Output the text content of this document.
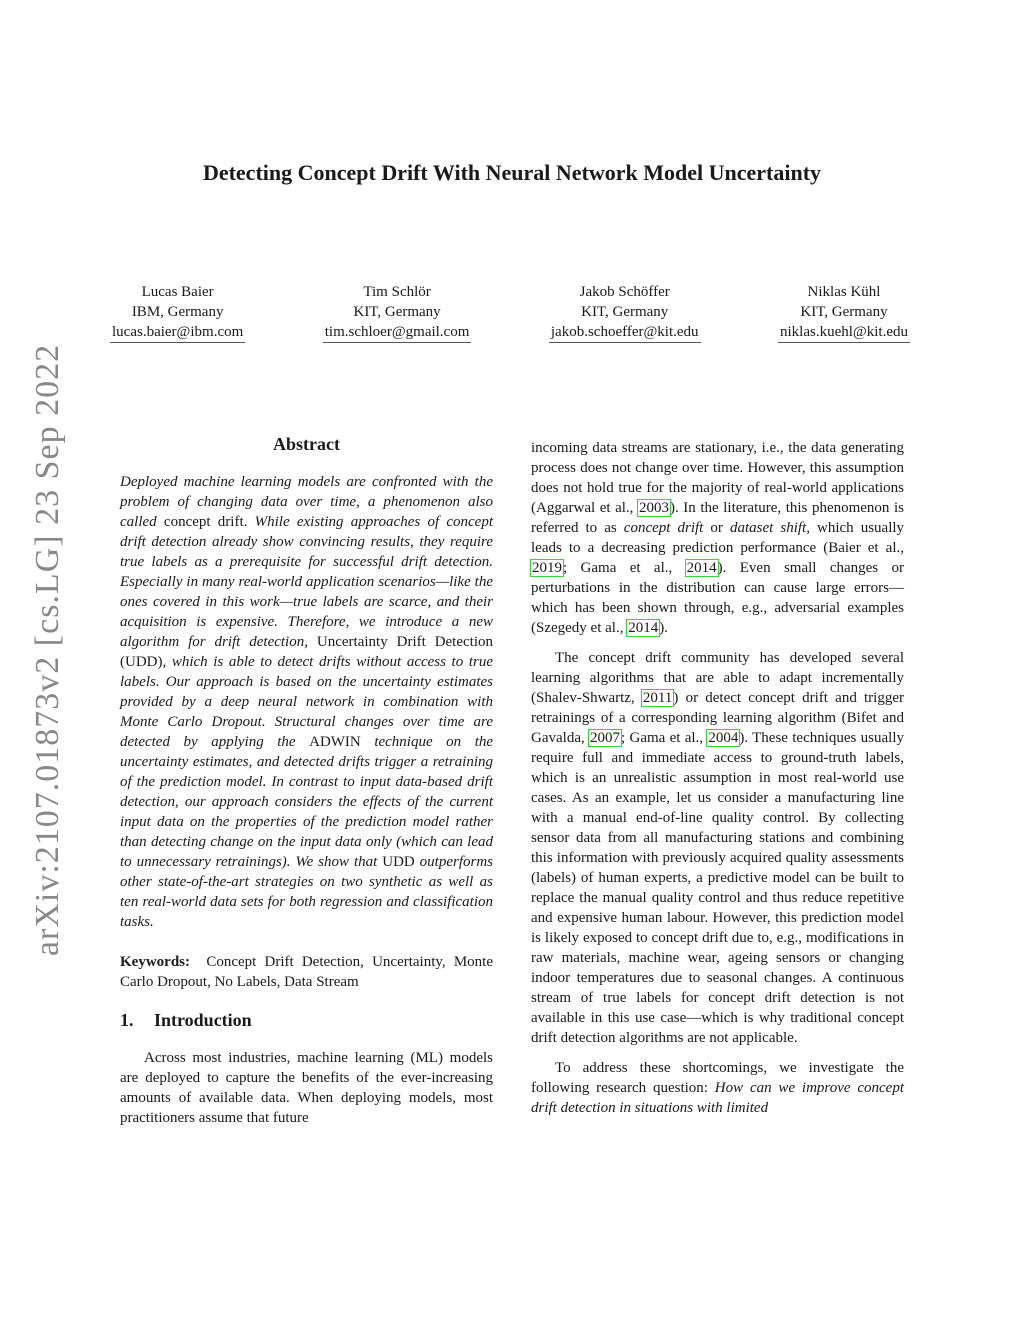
arXiv:2107.01873v2 [cs.LG] 23 Sep 2022
Detecting Concept Drift With Neural Network Model Uncertainty
Lucas Baier
IBM, Germany
lucas.baier@ibm.com
Tim Schlör
KIT, Germany
tim.schloer@gmail.com
Jakob Schöffer
KIT, Germany
jakob.schoeffer@kit.edu
Niklas Kühl
KIT, Germany
niklas.kuehl@kit.edu
Abstract

Deployed machine learning models are confronted with the problem of changing data over time, a phenomenon also called concept drift. While existing approaches of concept drift detection already show convincing results, they require true labels as a prerequisite for successful drift detection. Especially in many real-world application scenarios—like the ones covered in this work—true labels are scarce, and their acquisition is expensive. Therefore, we introduce a new algorithm for drift detection, Uncertainty Drift Detection (UDD), which is able to detect drifts without access to true labels. Our approach is based on the uncertainty estimates provided by a deep neural network in combination with Monte Carlo Dropout. Structural changes over time are detected by applying the ADWIN technique on the uncertainty estimates, and detected drifts trigger a retraining of the prediction model. In contrast to input data-based drift detection, our approach considers the effects of the current input data on the properties of the prediction model rather than detecting change on the input data only (which can lead to unnecessary retrainings). We show that UDD outperforms other state-of-the-art strategies on two synthetic as well as ten real-world data sets for both regression and classification tasks.

Keywords: Concept Drift Detection, Uncertainty, Monte Carlo Dropout, No Labels, Data Stream

1. Introduction

Across most industries, machine learning (ML) models are deployed to capture the benefits of the ever-increasing amounts of available data. When deploying models, most practitioners assume that future

incoming data streams are stationary, i.e., the data generating process does not change over time. However, this assumption does not hold true for the majority of real-world applications (Aggarwal et al., 2003). In the literature, this phenomenon is referred to as concept drift or dataset shift, which usually leads to a decreasing prediction performance (Baier et al., 2019; Gama et al., 2014). Even small changes or perturbations in the distribution can cause large errors—which has been shown through, e.g., adversarial examples (Szegedy et al., 2014).

The concept drift community has developed several learning algorithms that are able to adapt incrementally (Shalev-Shwartz, 2011) or detect concept drift and trigger retrainings of a corresponding learning algorithm (Bifet and Gavalda, 2007; Gama et al., 2004). These techniques usually require full and immediate access to ground-truth labels, which is an unrealistic assumption in most real-world use cases. As an example, let us consider a manufacturing line with a manual end-of-line quality control. By collecting sensor data from all manufacturing stations and combining this information with previously acquired quality assessments (labels) of human experts, a predictive model can be built to replace the manual quality control and thus reduce repetitive and expensive human labour. However, this prediction model is likely exposed to concept drift due to, e.g., modifications in raw materials, machine wear, ageing sensors or changing indoor temperatures due to seasonal changes. A continuous stream of true labels for concept drift detection is not available in this use case—which is why traditional concept drift detection algorithms are not applicable.

To address these shortcomings, we investigate the following research question: How can we improve concept drift detection in situations with limited
